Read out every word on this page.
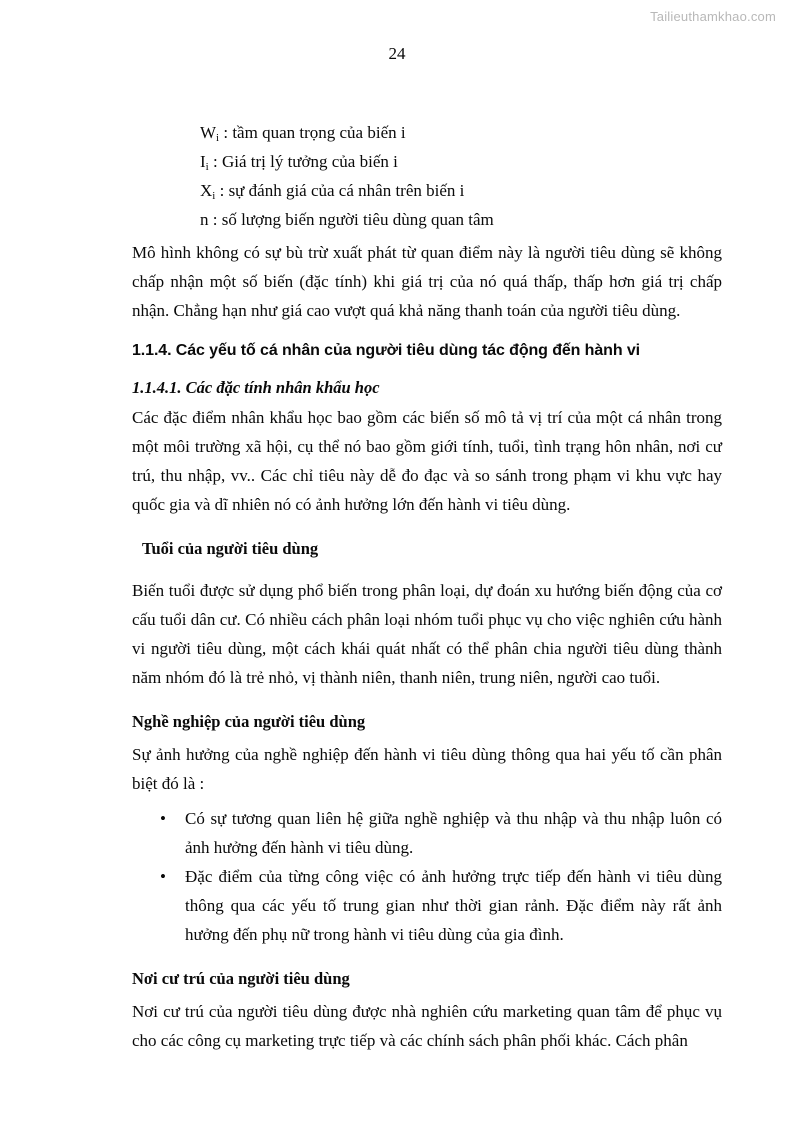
Tailieuthamkhao.com
24
$W_i$ : tầm quan trọng của biến i
$I_i$ : Giá trị lý tưởng của biến i
$X_i$ : sự đánh giá của cá nhân trên biến i
n : số lượng biến người tiêu dùng quan tâm

Mô hình không có sự bù trừ xuất phát từ quan điểm này là người tiêu dùng sẽ không chấp nhận một số biến (đặc tính) khi giá trị của nó quá thấp, thấp hơn giá trị chấp nhận. Chẳng hạn như giá cao vượt quá khả năng thanh toán của người tiêu dùng.

1.1.4. Các yếu tố cá nhân của người tiêu dùng tác động đến hành vi
1.1.4.1. Các đặc tính nhân khẩu học

Các đặc điểm nhân khẩu học bao gồm các biến số mô tả vị trí của một cá nhân trong một môi trường xã hội, cụ thể nó bao gồm giới tính, tuổi, tình trạng hôn nhân, nơi cư trú, thu nhập, vv.. Các chỉ tiêu này dễ đo đạc và so sánh trong phạm vi khu vực hay quốc gia và dĩ nhiên nó có ảnh hưởng lớn đến hành vi tiêu dùng.

Tuổi của người tiêu dùng

Biến tuổi được sử dụng phổ biến trong phân loại, dự đoán xu hướng biến động của cơ cấu tuổi dân cư. Có nhiều cách phân loại nhóm tuổi phục vụ cho việc nghiên cứu hành vi người tiêu dùng, một cách khái quát nhất có thể phân chia người tiêu dùng thành năm nhóm đó là trẻ nhỏ, vị thành niên, thanh niên, trung niên, người cao tuổi.

Nghề nghiệp của người tiêu dùng

Sự ảnh hưởng của nghề nghiệp đến hành vi tiêu dùng thông qua hai yếu tố cần phân biệt đó là :

• Có sự tương quan liên hệ giữa nghề nghiệp và thu nhập và thu nhập luôn có ảnh hưởng đến hành vi tiêu dùng.
• Đặc điểm của từng công việc có ảnh hưởng trực tiếp đến hành vi tiêu dùng thông qua các yếu tố trung gian như thời gian rảnh. Đặc điểm này rất ảnh hưởng đến phụ nữ trong hành vi tiêu dùng của gia đình.
Nơi cư trú của người tiêu dùng

Nơi cư trú của người tiêu dùng được nhà nghiên cứu marketing quan tâm để phục vụ cho các công cụ marketing trực tiếp và các chính sách phân phối khác. Cách phân
